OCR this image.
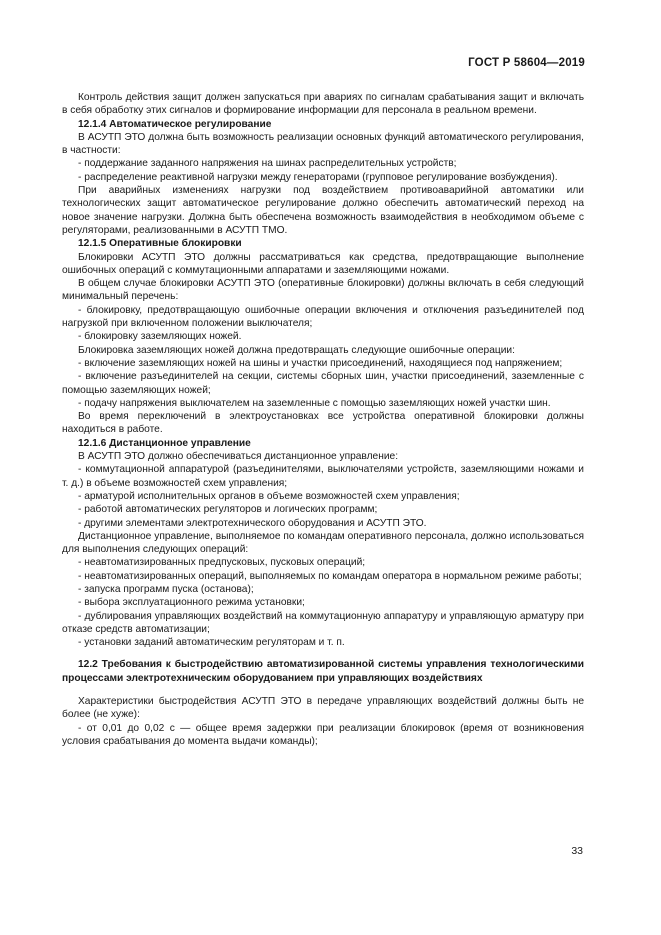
ГОСТ Р 58604—2019

Контроль действия защит должен запускаться при авариях по сигналам срабатывания защит и включать в себя обработку этих сигналов и формирование информации для персонала в реальном времени.

12.1.4 Автоматическое регулирование

В АСУТП ЭТО должна быть возможность реализации основных функций автоматического регулирования, в частности:

- поддержание заданного напряжения на шинах распределительных устройств;

- распределение реактивной нагрузки между генераторами (групповое регулирование возбуждения).

При аварийных изменениях нагрузки под воздействием противоаварийной автоматики или технологических защит автоматическое регулирование должно обеспечить автоматический переход на новое значение нагрузки. Должна быть обеспечена возможность взаимодействия в необходимом объеме с регуляторами, реализованными в АСУТП ТМО.

12.1.5 Оперативные блокировки

Блокировки АСУТП ЭТО должны рассматриваться как средства, предотвращающие выполнение ошибочных операций с коммутационными аппаратами и заземляющими ножами.

В общем случае блокировки АСУТП ЭТО (оперативные блокировки) должны включать в себя следующий минимальный перечень:

- блокировку, предотвращающую ошибочные операции включения и отключения разъединителей под нагрузкой при включенном положении выключателя;

- блокировку заземляющих ножей.

Блокировка заземляющих ножей должна предотвращать следующие ошибочные операции:

- включение заземляющих ножей на шины и участки присоединений, находящиеся под напряжением;

- включение разъединителей на секции, системы сборных шин, участки присоединений, заземленные с помощью заземляющих ножей;

- подачу напряжения выключателем на заземленные с помощью заземляющих ножей участки шин.

Во время переключений в электроустановках все устройства оперативной блокировки должны находиться в работе.

12.1.6 Дистанционное управление

В АСУТП ЭТО должно обеспечиваться дистанционное управление:

- коммутационной аппаратурой (разъединителями, выключателями устройств, заземляющими ножами и т. д.) в объеме возможностей схем управления;

- арматурой исполнительных органов в объеме возможностей схем управления;

- работой автоматических регуляторов и логических программ;

- другими элементами электротехнического оборудования и АСУТП ЭТО.

Дистанционное управление, выполняемое по командам оперативного персонала, должно использоваться для выполнения следующих операций:

- неавтоматизированных предпусковых, пусковых операций;

- неавтоматизированных операций, выполняемых по командам оператора в нормальном режиме работы;

- запуска программ пуска (останова);

- выбора эксплуатационного режима установки;

- дублирования управляющих воздействий на коммутационную аппаратуру и управляющую арматуру при отказе средств автоматизации;

- установки заданий автоматическим регуляторам и т. п.

12.2 Требования к быстродействию автоматизированной системы управления технологическими процессами электротехническим оборудованием при управляющих воздействиях

Характеристики быстродействия АСУТП ЭТО в передаче управляющих воздействий должны быть не более (не хуже):

- от 0,01 до 0,02 с — общее время задержки при реализации блокировок (время от возникновения условия срабатывания до момента выдачи команды);

33
